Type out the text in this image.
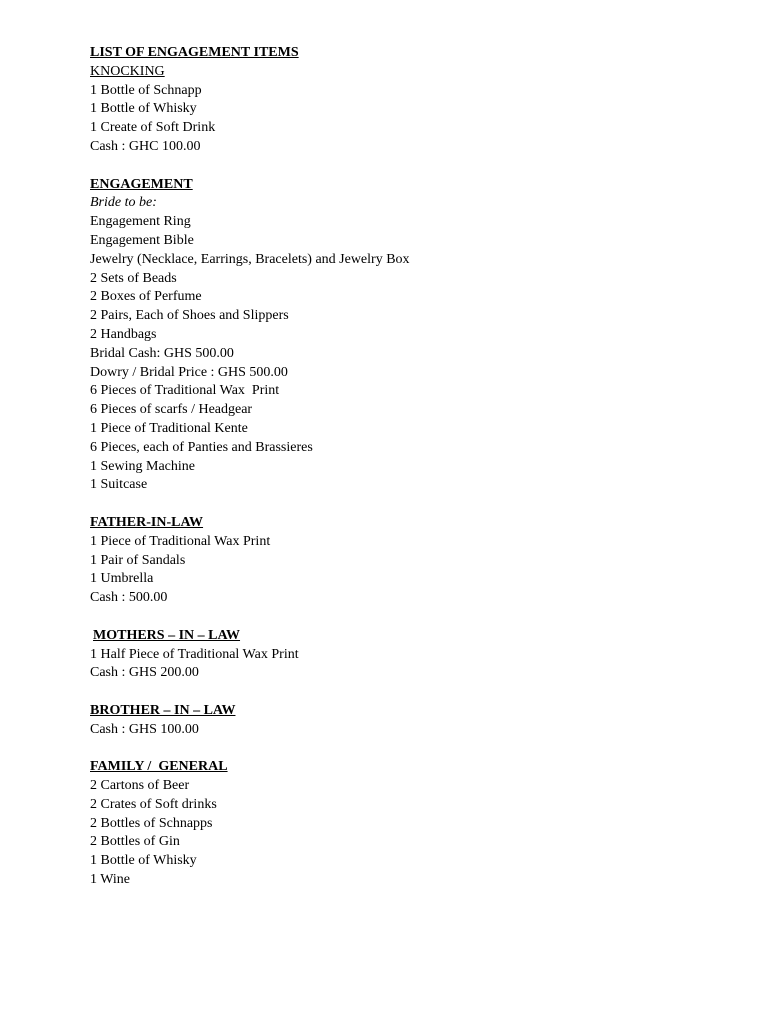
LIST OF ENGAGEMENT ITEMS
KNOCKING
1 Bottle of Schnapp
1 Bottle of Whisky
1 Create of Soft Drink
Cash : GHC 100.00
ENGAGEMENT
Bride to be:
Engagement Ring
Engagement Bible
Jewelry (Necklace, Earrings, Bracelets) and Jewelry Box
2 Sets of Beads
2 Boxes of Perfume
2 Pairs, Each of Shoes and Slippers
2 Handbags
Bridal Cash: GHS 500.00
Dowry / Bridal Price : GHS 500.00
6 Pieces of Traditional Wax  Print
6 Pieces of scarfs / Headgear
1 Piece of Traditional Kente
6 Pieces, each of Panties and Brassieres
1 Sewing Machine
1 Suitcase
FATHER-IN-LAW
1 Piece of Traditional Wax Print
1 Pair of Sandals
1 Umbrella
Cash : 500.00
MOTHERS – IN – LAW
1 Half Piece of Traditional Wax Print
Cash : GHS 200.00
BROTHER – IN – LAW
Cash : GHS 100.00
FAMILY /  GENERAL
2 Cartons of Beer
2 Crates of Soft drinks
2 Bottles of Schnapps
2 Bottles of Gin
1 Bottle of Whisky
1 Wine
